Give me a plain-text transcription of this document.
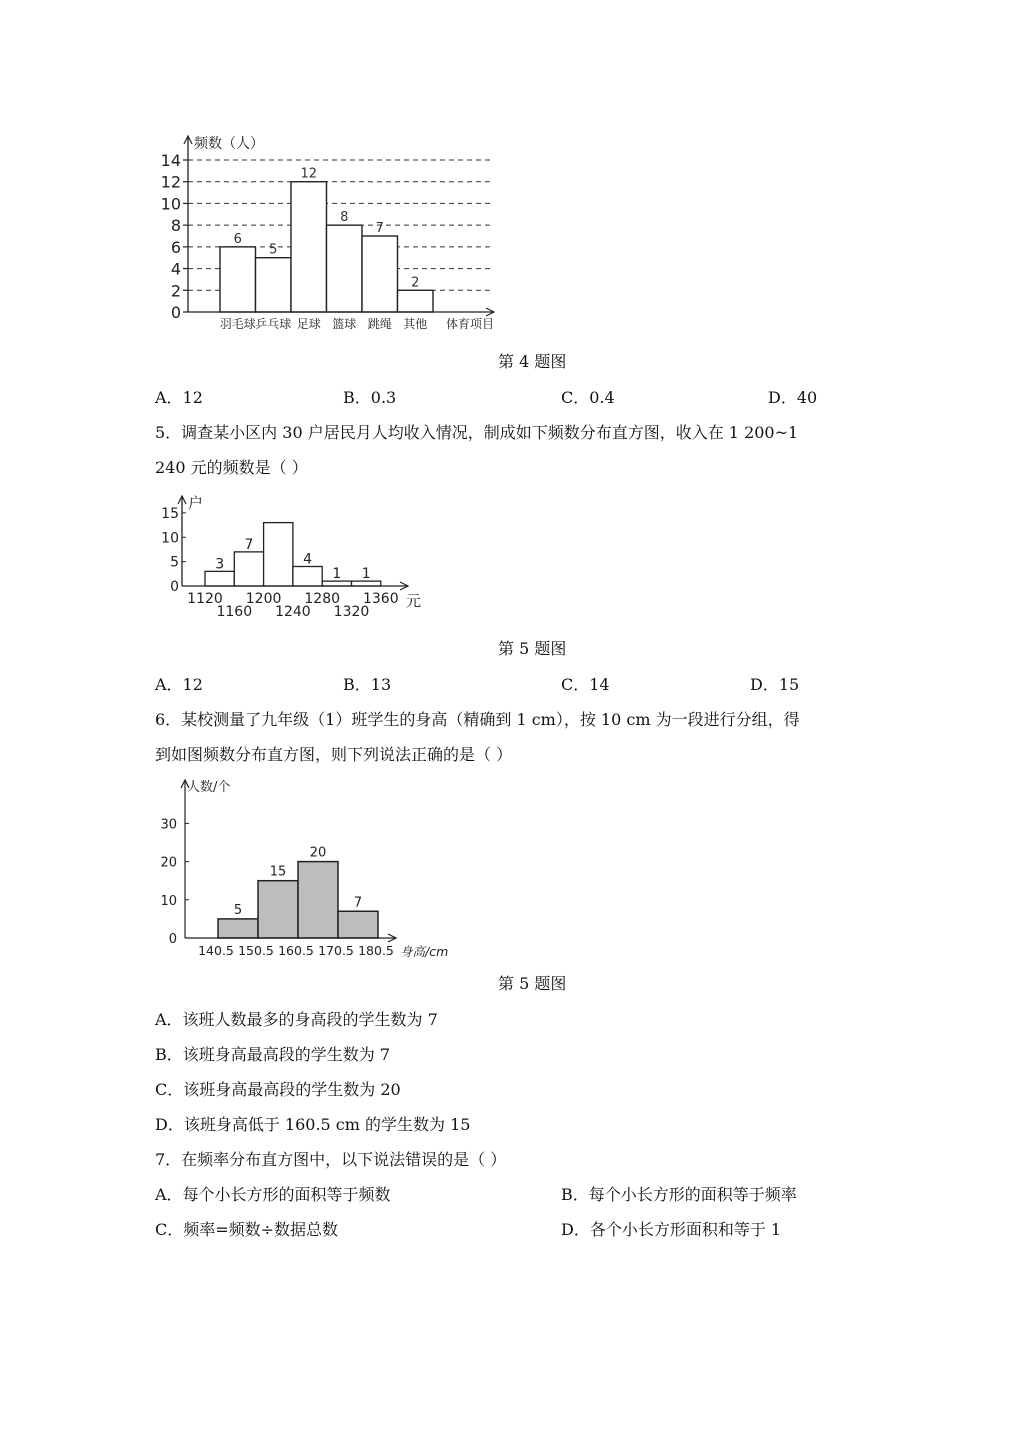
0
2
4
6
8
10
12
14
6
羽毛球
5
乒乓球
12
足球
8
篮球
7
跳绳
2
其他
频数（人）
体育项目
第 4 题图
A．12	B．0.3	C．0.4	D．40
5．调查某小区内 30 户居民月人均收入情况，制成如下频数分布直方图，收入在 1 200~1
240 元的频数是（ ）
0
5
10
15
3
7
4
1 1
1120
1160
1200
1240
1280
1320
1360
户
元
第 5 题图
A．12	B．13	C．14	D．15
6．某校测量了九年级（1）班学生的身高（精确到 1 cm），按 10 cm 为一段进行分组，得
到如图频数分布直方图，则下列说法正确的是（ ）
0
10
20
30
5
15
20
7
140.5 150.5 160.5 170.5 180.5
人数/个
身高/cm
第 5 题图
A．该班人数最多的身高段的学生数为 7
B．该班身高最高段的学生数为 7
C．该班身高最高段的学生数为 20
D．该班身高低于 160.5 cm 的学生数为 15
7．在频率分布直方图中，以下说法错误的是（ ）
A．每个小长方形的面积等于频数	B．每个小长方形的面积等于频率
C．频率=频数÷数据总数	D．各个小长方形面积和等于 1
